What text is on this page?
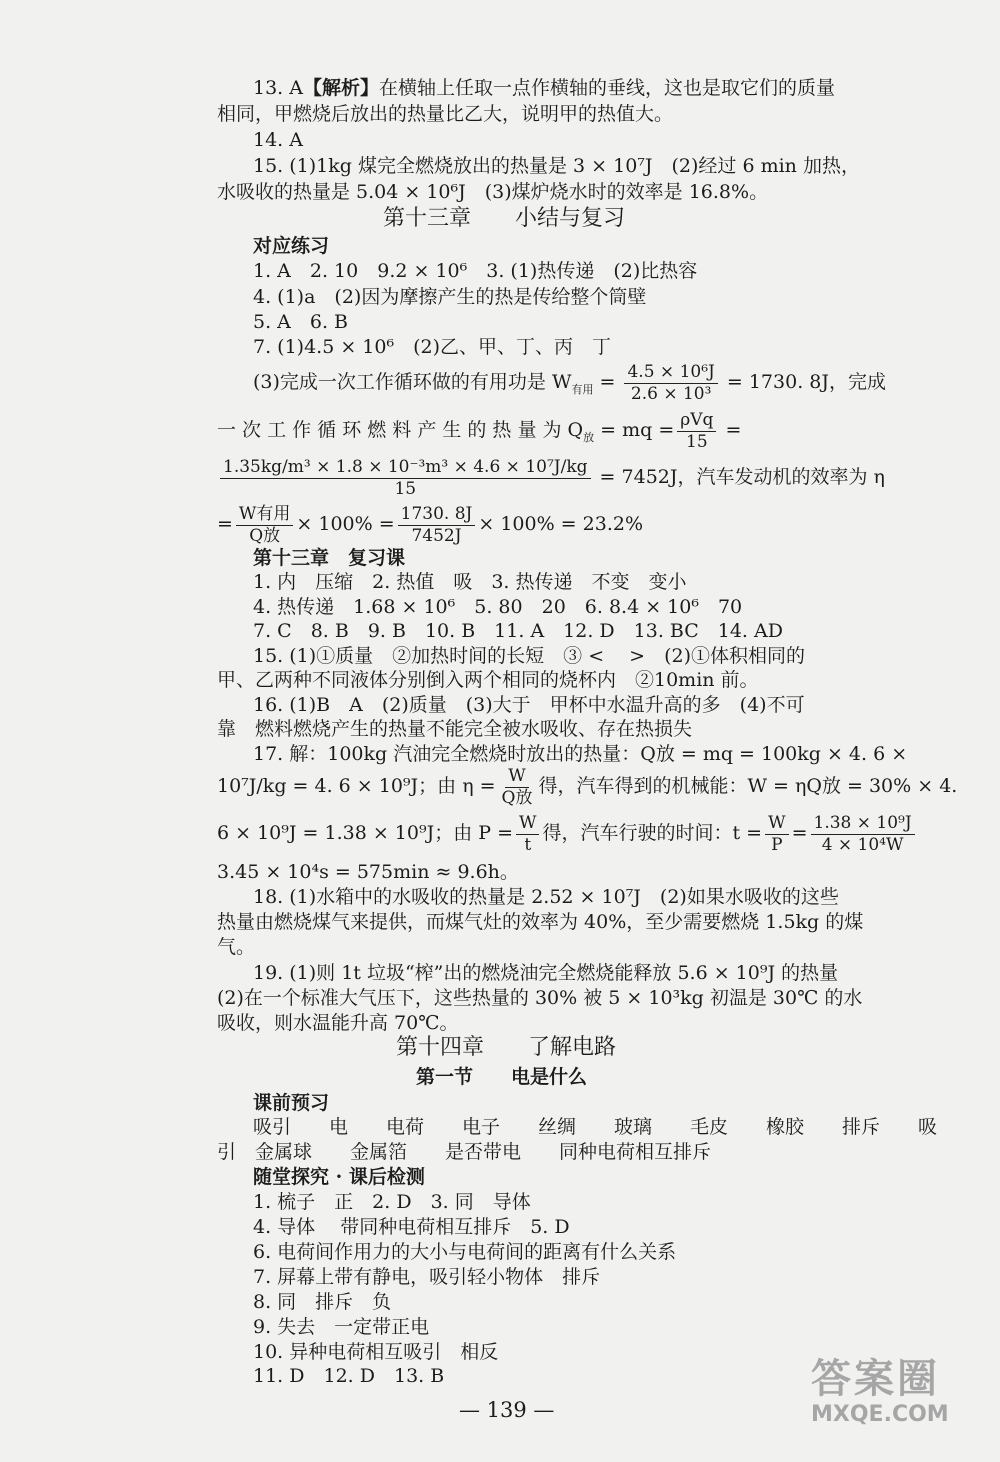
13. A【解析】在横轴上任取一点作横轴的垂线，这也是取它们的质量
相同，甲燃烧后放出的热量比乙大，说明甲的热值大。
14. A
15. (1)1kg 煤完全燃烧放出的热量是 3 × 10⁷J　(2)经过 6 min 加热，
水吸收的热量是 5.04 × 10⁶J　(3)煤炉烧水时的效率是 16.8%。
第十三章　　小结与复习
对应练习
1. A　2. 10　9.2 × 10⁶　3. (1)热传递　(2)比热容
4. (1)a　(2)因为摩擦产生的热是传给整个筒壁
5. A　6. B
7. (1)4.5 × 10⁶　(2)乙、甲、丁、丙　丁
(3)完成一次工作循环做的有用功是 $W_{有用} = \frac{\text{4.5 × 10⁶J}}{\text{2.6 × 10³}} = 1730$. 8J，完成
一 次 工 作 循 环 燃 料 产 生 的 热 量 为 $Q_放$ = mq = $\frac{\text{ρVq}}{15}$ =
$\frac{\text{1.35kg/m³ × 1.8 × 10⁻³m³ × 4.6 × 10⁷J/kg}}{15} = 7452J$，汽车发动机的效率为 η
= $\frac{\text{W有用}}{\text{Q放}} \times 100\% = \frac{1730. 8J}{7452J} \times 100\% = 23.2\%$
第十三章　复习课
1. 内　压缩　2. 热值　吸　3. 热传递　不变　变小
4. 热传递　1.68 × 10⁶　5. 80　20　6. 8.4 × 10⁶　70
7. C　8. B　9. B　10. B　11. A　12. D　13. BC　14. AD
15. (1)①质量　②加热时间的长短　③ <　 >　(2)①体积相同的
甲、乙两种不同液体分别倒入两个相同的烧杯内　②10min 前。
16. (1)B　A　(2)质量　(3)大于　甲杯中水温升高的多　(4)不可
靠　燃料燃烧产生的热量不能完全被水吸收、存在热损失
17. 解：100kg 汽油完全燃烧时放出的热量：Q放 = mq = 100kg × 4. 6 ×
10⁷J/kg = 4. 6 × 10⁹J；由 $\eta = \frac{W}{\text{Q放}}$ 得，汽车得到的机械能：W = ηQ放 = 30% × 4.
6 × 10⁹J = 1.38 × 10⁹J；由 $P = \frac{W}{t}$ 得，汽车行驶的时间：$t = \frac{W}{P} = \frac{\text{1.38 × 10⁹J}}{\text{4 × 10⁴W}}$
3.45 × 10⁴s = 575min ≈ 9.6h。
18. (1)水箱中的水吸收的热量是 2.52 × 10⁷J　(2)如果水吸收的这些
热量由燃烧煤气来提供，而煤气灶的效率为 40%，至少需要燃烧 1.5kg 的煤
气。
19. (1)则 1t 垃圾“榨”出的燃烧油完全燃烧能释放 5.6 × 10⁹J 的热量
(2)在一个标准大气压下，这些热量的 30% 被 5 × 10³kg 初温是 30℃ 的水
吸收，则水温能升高 70℃。
第十四章　　了解电路
第一节　　电是什么
课前预习
吸引　　电　　电荷　　电子　　丝绸　　玻璃　　毛皮　　橡胶　　排斥　　吸
引　金属球　　金属箔　　是否带电　　同种电荷相互排斥
随堂探究 · 课后检测
1. 梳子　正　2. D　3. 同　导体
4. 导体　 带同种电荷相互排斥　5. D
6. 电荷间作用力的大小与电荷间的距离有什么关系
7. 屏幕上带有静电，吸引轻小物体　排斥
8. 同　排斥　负
9. 失去　一定带正电
10. 异种电荷相互吸引　相反
11. D　12. D　13. B
— 139 —
答案圈
MXQE.COM
